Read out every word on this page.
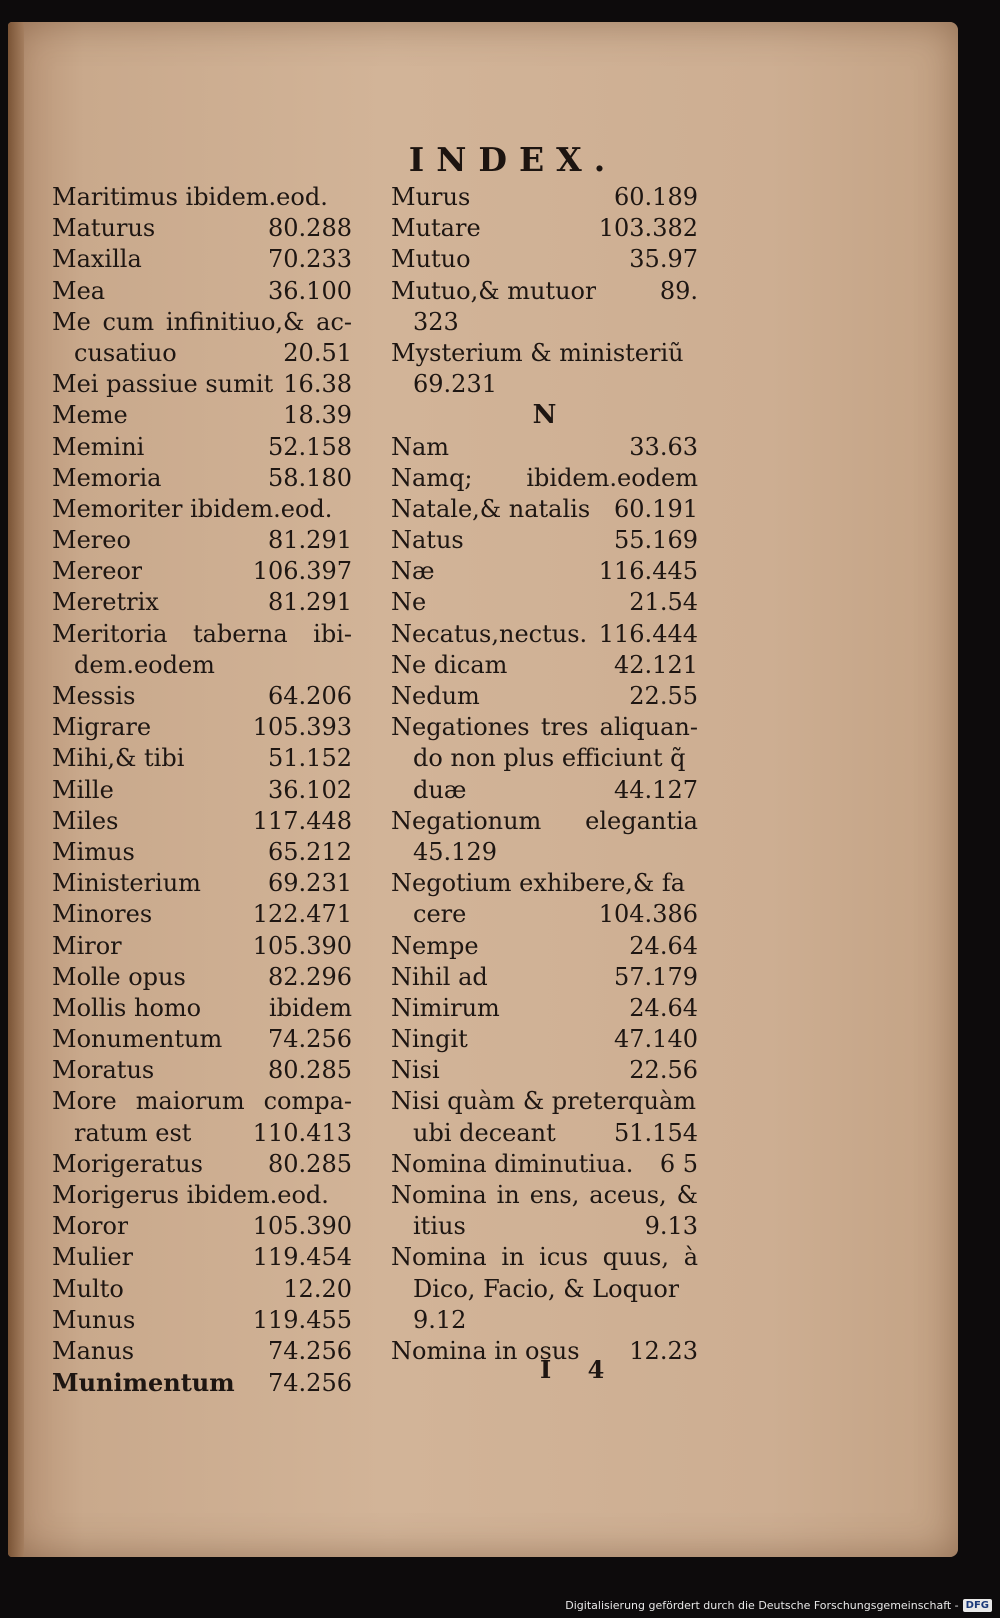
INDEX.
Maritimus ibidem.eod.
Maturus	80.288
Maxilla	70.233
Mea	36.100
Me cum infinitiuo,& ac-
cusatiuo	20.51
Mei passiue sumit 16.38
Meme	18.39
Memini	52.158
Memoria	58.180
Memoriter ibidem.eod.
Mereo	81.291
Mereor	106.397
Meretrix	81.291
Meritoria taberna ibi-
dem.eodem
Messis	64.206
Migrare	105.393
Mihi,& tibi	51.152
Mille	36.102
Miles	117.448
Mimus	65.212
Ministerium	69.231
Minores	122.471
Miror	105.390
Molle opus	82.296
Mollis homo	ibidem
Monumentum 74.256
Moratus	80.285
More maiorum compa-
ratum est	110.413
Morigeratus	80.285
Morigerus ibidem.eod.
Moror	105.390
Mulier	119.454
Multo	12.20
Munus	119.455
Manus	74.256
Munimentum 74.256
Murus	60.189
Mutare	103.382
Mutuo	35.97
Mutuo,& mutuor	89.
323
Mysterium & ministeriũ
69.231
N
Nam	33.63
Namq; ibidem.eodem
Natale,& natalis 60.191
Natus	55.169
Næ	116.445
Ne	21.54
Necatus,nectus. 116.444
Ne dicam	42.121
Nedum	22.55
Negationes tres aliquan-
do non plus efficiunt q̃
duæ	44.127
Negationum elegantia
45.129
Negotium exhibere,& fa
cere	104.386
Nempe	24.64
Nihil ad	57.179
Nimirum	24.64
Ningit	47.140
Nisi	22.56
Nisi quàm & preterquàm
ubi deceant 51.154
Nomina diminutiua. 6 5
Nomina in ens, aceus, &
itius	9.13
Nomina in icus quus, à
Dico, Facio, & Loquor
9.12
Nomina in osus 12.23
I 4
Digitalisierung gefördert durch die Deutsche Forschungsgemeinschaft - DFG
